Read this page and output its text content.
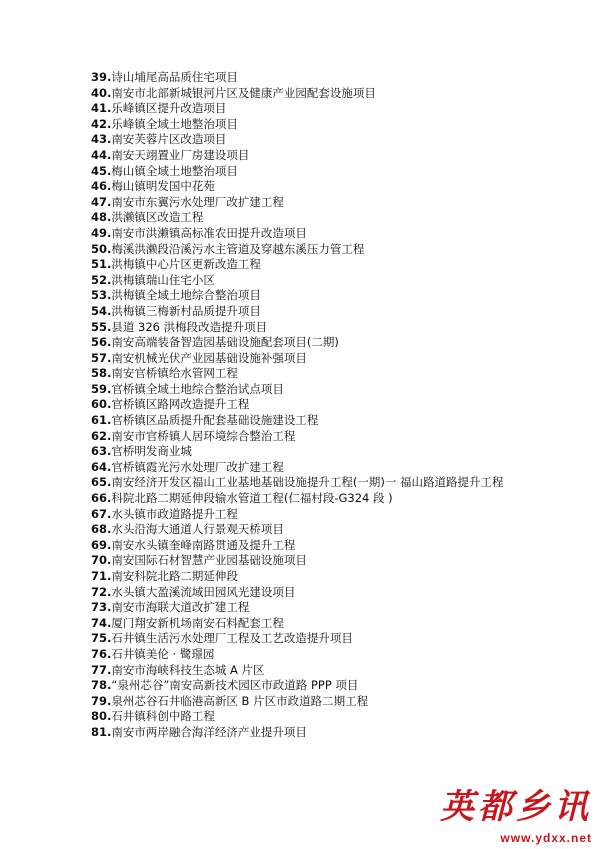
39.诗山埔尾高品质住宅项目
40.南安市北部新城银河片区及健康产业园配套设施项目
41.乐峰镇区提升改造项目
42.乐峰镇全域土地整治项目
43.南安芙蓉片区改造项目
44.南安天翊置业厂房建设项目
45.梅山镇全域土地整治项目
46.梅山镇明发国中花苑
47.南安市东翼污水处理厂改扩建工程
48.洪濑镇区改造工程
49.南安市洪濑镇高标准农田提升改造项目
50.梅溪洪濑段沿溪污水主管道及穿越东溪压力管工程
51.洪梅镇中心片区更新改造工程
52.洪梅镇瑞山住宅小区
53.洪梅镇全域土地综合整治项目
54.洪梅镇三梅新村品质提升项目
55.县道 326 洪梅段改造提升项目
56.南安高端装备智造园基础设施配套项目(二期)
57.南安机械光伏产业园基础设施补强项目
58.南安官桥镇给水管网工程
59.官桥镇全域土地综合整治试点项目
60.官桥镇区路网改造提升工程
61.官桥镇区品质提升配套基础设施建设工程
62.南安市官桥镇人居环境综合整治工程
63.官桥明发商业城
64.官桥镇霞光污水处理厂改扩建工程
65.南安经济开发区福山工业基地基础设施提升工程(一期)一 福山路道路提升工程
66.科院北路二期延伸段输水管道工程(仁福村段-G324 段 )
67.水头镇市政道路提升工程
68.水头沿海大通道人行景观天桥项目
69.南安水头镇奎峰南路贯通及提升工程
70.南安国际石材智慧产业园基础设施项目
71.南安科院北路二期延伸段
72.水头镇大盈溪流域田园风光建设项目
73.南安市海联大道改扩建工程
74.厦门翔安新机场南安石料配套工程
75.石井镇生活污水处理厂工程及工艺改造提升项目
76.石井镇美伦 · 鹭璟园
77.南安市海峡科技生态城 A 片区
78.“泉州芯谷”南安高新技术园区市政道路 PPP 项目
79.泉州芯谷石井临港高新区 B 片区市政道路二期工程
80.石井镇科创中路工程
81.南安市两岸融合海洋经济产业提升项目
英都乡讯
www.ydxx.net
